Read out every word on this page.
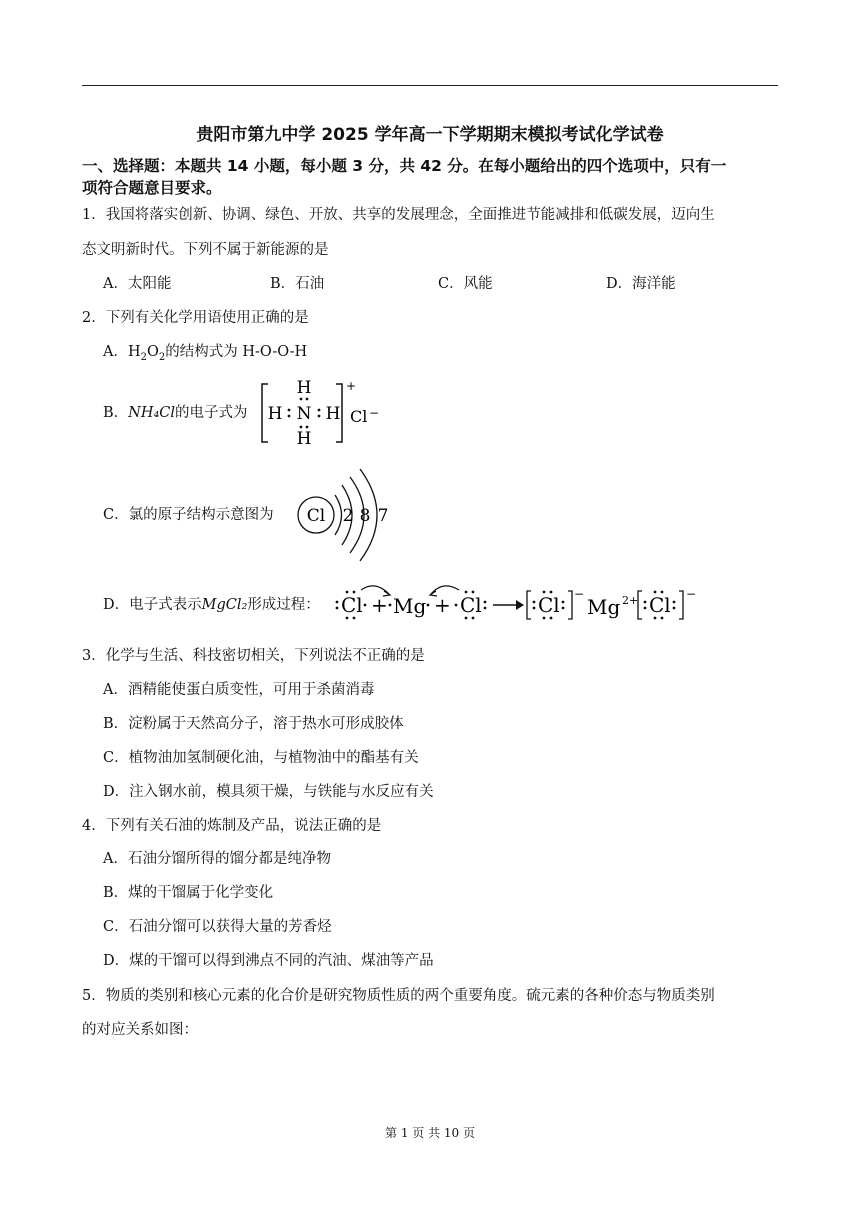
贵阳市第九中学 2025 学年高一下学期期末模拟考试化学试卷
一、选择题：本题共 14 小题，每小题 3 分，共 42 分。在每小题给出的四个选项中，只有一
项符合题意目要求。
1．我国将落实创新、协调、绿色、开放、共享的发展理念，全面推进节能减排和低碳发展，迈向生
态文明新时代。下列不属于新能源的是
A．太阳能	B．石油	C．风能	D．海洋能
2．下列有关化学用语使用正确的是
A．$H_2O_2$的结构式为 H-O-O-H
B．NH₄Cl的电子式为
H
H N H
H
+
Cl −
C．氯的原子结构示意图为 Cl 2 8 7
D．电子式表示MgCl₂形成过程： Cl + Mg + Cl	Cl −
Mg 2+ Cl −
3．化学与生活、科技密切相关，下列说法不正确的是
A．酒精能使蛋白质变性，可用于杀菌消毒
B．淀粉属于天然高分子，溶于热水可形成胶体
C．植物油加氢制硬化油，与植物油中的酯基有关
D．注入钢水前，模具须干燥，与铁能与水反应有关
4．下列有关石油的炼制及产品，说法正确的是
A．石油分馏所得的馏分都是纯净物
B．煤的干馏属于化学变化
C．石油分馏可以获得大量的芳香烃
D．煤的干馏可以得到沸点不同的汽油、煤油等产品
5．物质的类别和核心元素的化合价是研究物质性质的两个重要角度。硫元素的各种价态与物质类别
的对应关系如图：
第 1 页 共 10 页
